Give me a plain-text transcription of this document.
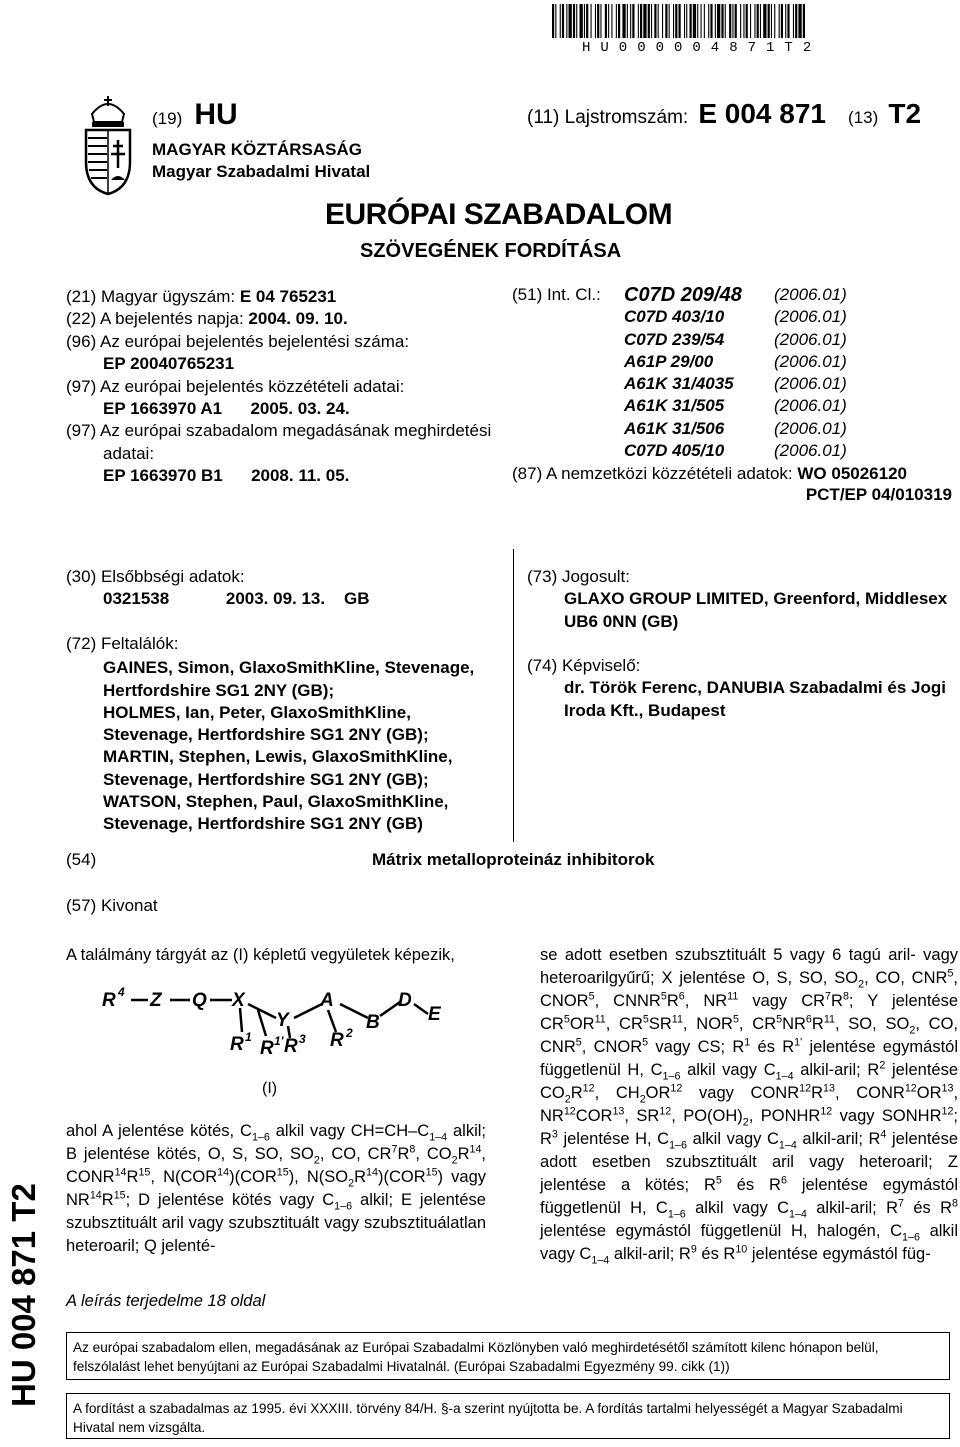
HU000004871T2
(19) HU	(11) Lajstromszám: E 004 871 (13) T2
MAGYAR KÖZTÁRSASÁG
Magyar Szabadalmi Hivatal
EURÓPAI SZABADALOM
SZÖVEGÉNEK FORDÍTÁSA
(21) Magyar ügyszám: E 04 765231
(22) A bejelentés napja: 2004. 09. 10.
(96) Az európai bejelentés bejelentési száma:
EP 20040765231
(97) Az európai bejelentés közzétételi adatai:
EP 1663970 A1      2005. 03. 24.
(97) Az európai szabadalom megadásának meghirdetési
adatai:
EP 1663970 B1      2008. 11. 05.
(51) Int. Cl.:	C07D 209/48	(2006.01)
	C07D 403/10	(2006.01)
	C07D 239/54	(2006.01)
	A61P 29/00	(2006.01)
	A61K 31/4035	(2006.01)
	A61K 31/505	(2006.01)
	A61K 31/506	(2006.01)
	C07D 405/10	(2006.01)
(87) A nemzetközi közzétételi adatok: WO 05026120
PCT/EP 04/010319
(30) Elsőbbségi adatok:
0321538            2003. 09. 13.    GB
(72) Feltalálók:
GAINES, Simon, GlaxoSmithKline, Stevenage,
Hertfordshire SG1 2NY (GB);
HOLMES, Ian, Peter, GlaxoSmithKline,
Stevenage, Hertfordshire SG1 2NY (GB);
MARTIN, Stephen, Lewis, GlaxoSmithKline,
Stevenage, Hertfordshire SG1 2NY (GB);
WATSON, Stephen, Paul, GlaxoSmithKline,
Stevenage, Hertfordshire SG1 2NY (GB)
(73) Jogosult:
GLAXO GROUP LIMITED, Greenford, Middlesex
UB6 0NN (GB)
(74) Képviselő:
dr. Török Ferenc, DANUBIA Szabadalmi és Jogi
Iroda Kft., Budapest
(54)	Mátrix metalloproteináz inhibitorok
(57) Kivonat
A találmány tárgyát az (I) képletű vegyületek képezik,
R 4 Z Q X
Y
A	D
B	E
R 1
R 1' R 3 R 2
(I)
ahol A jelentése kötés, $C_{1-6}$ alkil vagy $CH=CH-C_{1-4}$ alkil; B jelentése kötés, O, S, SO, $SO_2$, CO, $CR^7R^8$, $CO_2R^{14}$, $CONR^{14}R^{15}$, N(COR$^{14}$)(COR$^{15}$), $N(SO_2R^{14})(COR^{15})$ vagy $NR^{14}R^{15}$; D jelentése kötés vagy $C_{1-6}$ alkil; E jelentése szubsztituált aril vagy szubsztituált vagy szubsztituálatlan heteroaril; Q jelenté-
se adott esetben szubsztituált 5 vagy 6 tagú aril- vagy heteroarilgyűrű; X jelentése O, S, SO, $SO_2$, CO, CNR$^5$, CNOR$^5$, $CNNR^5R^6$, NR$^{11}$ vagy $CR^7R^8$; Y jelentése $CR^5OR^{11}$, $CR^5SR^{11}$, NOR$^5$, $CR^5NR^6R^{11}$, SO, $SO_2$, CO, CNR$^5$, CNOR$^5$ vagy CS; $R^1$ és $R^{1'}$ jelentése egymástól függetlenül H, $C_{1-6}$ alkil vagy $C_{1-4}$ alkil-aril; $R^2$ jelentése $CO_2R^{12}$, $CH_2OR^{12}$ vagy $CONR^{12}R^{13}$, CONR$^{12}$OR$^{13}$, NR$^{12}$COR$^{13}$, SR$^{12}$, $PO(OH)_2$, PONHR$^{12}$ vagy SONHR$^{12}$; $R^3$ jelentése H, $C_{1-6}$ alkil vagy $C_{1-4}$ alkil-aril; $R^4$ jelentése adott esetben szubsztituált aril vagy heteroaril; Z jelentése a kötés; $R^5$ és $R^6$ jelentése egymástól függetlenül H, $C_{1-6}$ alkil vagy $C_{1-4}$ alkil-aril; $R^7$ és $R^8$ jelentése egymástól függetlenül H, halogén, $C_{1-6}$ alkil vagy $C_{1-4}$ alkil-aril; $R^9$ és $R^{10}$ jelentése egymástól füg-
HU 004 871 T2 A leírás terjedelme 18 oldal
Az európai szabadalom ellen, megadásának az Európai Szabadalmi Közlönyben való meghirdetésétől számított kilenc hónapon belül, felszólalást lehet benyújtani az Európai Szabadalmi Hivatalnál. (Európai Szabadalmi Egyezmény 99. cikk (1))
A fordítást a szabadalmas az 1995. évi XXXIII. törvény 84/H. §-a szerint nyújtotta be. A fordítás tartalmi helyességét a Magyar Szabadalmi Hivatal nem vizsgálta.
